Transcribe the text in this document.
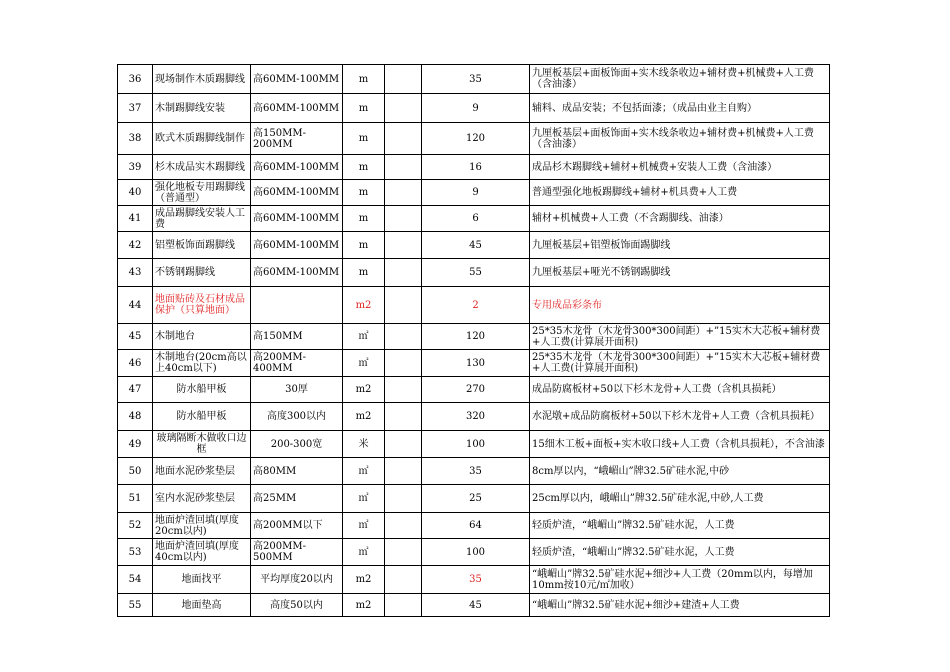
36	现场制作木质踢脚线	高60MM-100MM	m		35	九厘板基层+面板饰面+实木线条收边+辅材费+机械费+人工费（含油漆）
37	木制踢脚线安装	高60MM-100MM	m		9	辅料、成品安装；不包括面漆；（成品由业主自购）
38	欧式木质踢脚线制作	高150MM-200MM	m		120	九厘板基层+面板饰面+实木线条收边+辅材费+机械费+人工费（含油漆）
39	杉木成品实木踢脚线	高60MM-100MM	m		16	成品杉木踢脚线+辅材+机械费+安装人工费（含油漆）
40	强化地板专用踢脚线（普通型）	高60MM-100MM	m		9	普通型强化地板踢脚线+辅材+机具费+人工费
41	成品踢脚线安装人工费	高60MM-100MM	m		6	辅材+机械费+人工费（不含踢脚线、油漆）
42	铝塑板饰面踢脚线	高60MM-100MM	m		45	九厘板基层+铝塑板饰面踢脚线
43	不锈钢踢脚线	高60MM-100MM	m		55	九厘板基层+哑光不锈钢踢脚线
44	地面贴砖及石材成品保护（只算地面）		m2		2	专用成品彩条布
45	木制地台	高150MM	㎡		120	25*35木龙骨（木龙骨300*300间距）+”15实木大芯板+辅材费+人工费(计算展开面积)
46	木制地台(20cm高以上40cm以下)	高200MM-400MM	㎡		130	25*35木龙骨（木龙骨300*300间距）+”15实木大芯板+辅材费+人工费(计算展开面积)
47	防水船甲板	30厚	m2		270	成品防腐板材+50以下杉木龙骨+人工费（含机具损耗）
48	防水船甲板	高度300以内	m2		320	水泥墩+成品防腐板材+50以下杉木龙骨+人工费（含机具损耗）
49	玻璃隔断木做收口边框	200-300宽	米		100	15细木工板+面板+实木收口线+人工费（含机具损耗），不含油漆
50	地面水泥砂浆垫层	高80MM	㎡		35	8cm厚以内，“峨嵋山”牌32.5矿硅水泥,中砂
51	室内水泥砂浆垫层	高25MM	㎡		25	25cm厚以内，峨嵋山”牌32.5矿硅水泥,中砂,人工费
52	地面炉渣回填(厚度20cm以内)	高200MM以下	㎡		64	轻质炉渣，“峨嵋山”牌32.5矿硅水泥，人工费
53	地面炉渣回填(厚度40cm以内)	高200MM-500MM	㎡		100	轻质炉渣，“峨嵋山”牌32.5矿硅水泥，人工费
54	地面找平	平均厚度20以内	m2		35	“峨嵋山”牌32.5矿硅水泥+细沙+人工费（20mm以内，每增加10mm按10元/㎡加收）
55	地面垫高	高度50以内	m2		45	“峨嵋山”牌32.5矿硅水泥+细沙+建渣+人工费
